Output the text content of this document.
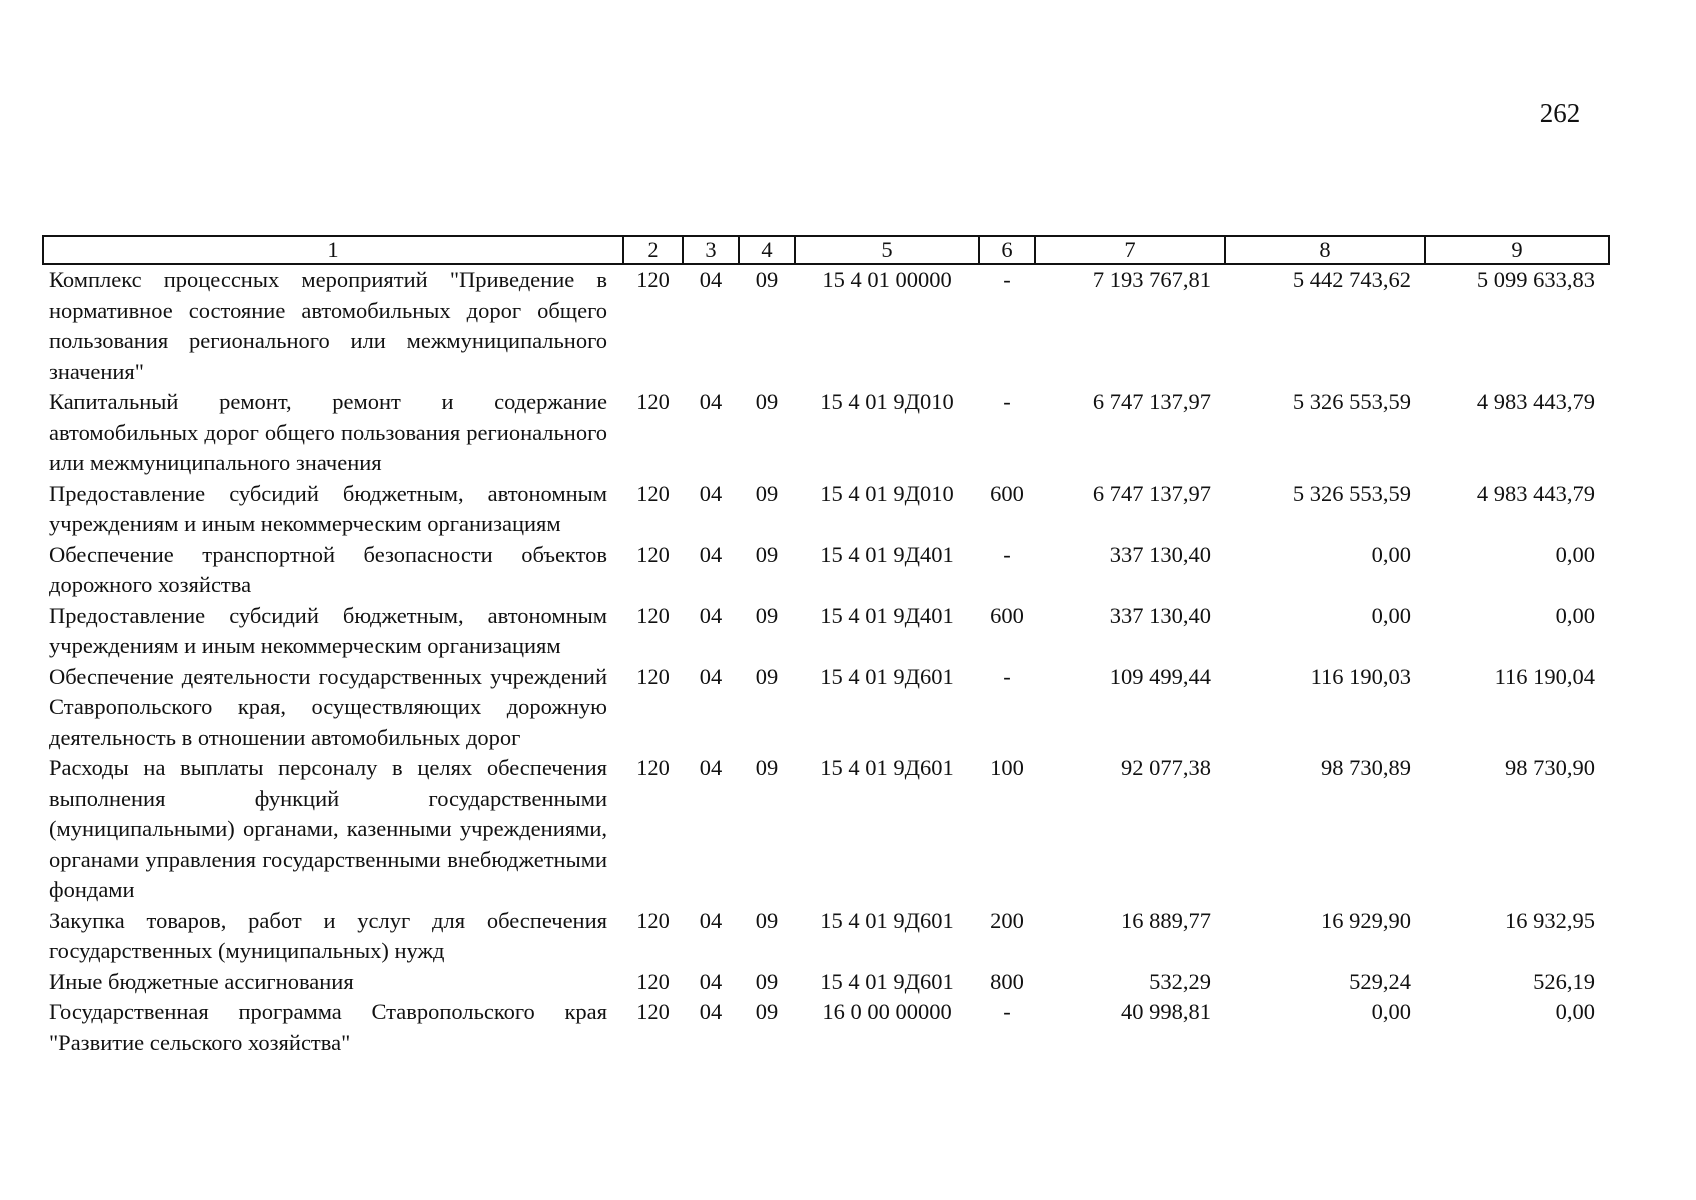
262
1	2	3	4	5	6	7	8	9
Комплекс процессных мероприятий "Приведение в нормативное состояние автомобильных дорог общего пользования регионального или межмуниципального значения"	120	04	09	15 4 01 00000	-	7 193 767,81	5 442 743,62	5 099 633,83
Капитальный ремонт, ремонт и содержание автомобильных дорог общего пользования регионального или межмуниципального значения	120	04	09	15 4 01 9Д010	-	6 747 137,97	5 326 553,59	4 983 443,79
Предоставление субсидий бюджетным, автономным учреждениям и иным некоммерческим организациям	120	04	09	15 4 01 9Д010	600	6 747 137,97	5 326 553,59	4 983 443,79
Обеспечение транспортной безопасности объектов дорожного хозяйства	120	04	09	15 4 01 9Д401	-	337 130,40	0,00	0,00
Предоставление субсидий бюджетным, автономным учреждениям и иным некоммерческим организациям	120	04	09	15 4 01 9Д401	600	337 130,40	0,00	0,00
Обеспечение деятельности государственных учреждений Ставропольского края, осуществляющих дорожную деятельность в отношении автомобильных дорог	120	04	09	15 4 01 9Д601	-	109 499,44	116 190,03	116 190,04
Расходы на выплаты персоналу в целях обеспечения выполнения функций государственными (муниципальными) органами, казенными учреждениями, органами управления государственными внебюджетными фондами	120	04	09	15 4 01 9Д601	100	92 077,38	98 730,89	98 730,90
Закупка товаров, работ и услуг для обеспечения государственных (муниципальных) нужд	120	04	09	15 4 01 9Д601	200	16 889,77	16 929,90	16 932,95
Иные бюджетные ассигнования	120	04	09	15 4 01 9Д601	800	532,29	529,24	526,19
Государственная программа Ставропольского края "Развитие сельского хозяйства"	120	04	09	16 0 00 00000	-	40 998,81	0,00	0,00
